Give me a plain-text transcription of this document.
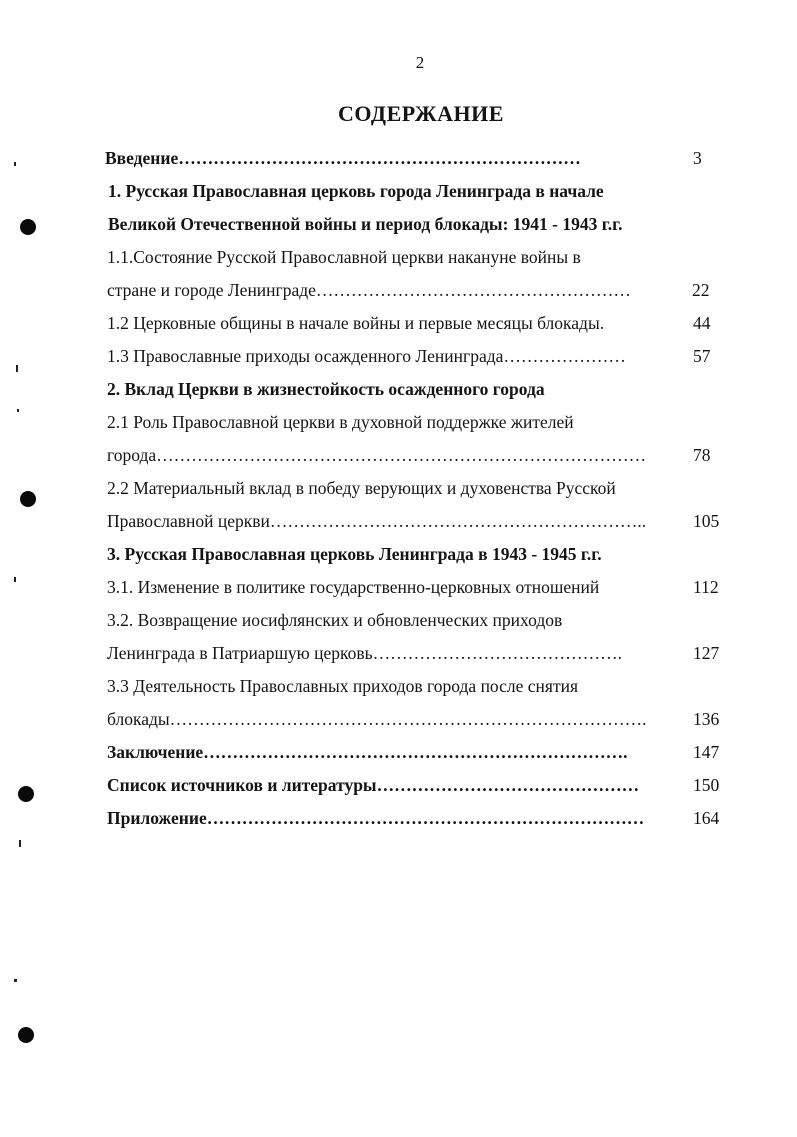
2
СОДЕРЖАНИЕ
Введение……………………………………………………………	3
1. Русская Православная церковь города Ленинграда в начале
Великой Отечественной войны и период блокады: 1941 - 1943 г.г.
1.1.Состояние Русской Православной церкви накануне войны в
стране и городе Ленинграде………………………………………………	22
1.2 Церковные общины в начале войны и первые месяцы блокады.	44
1.3 Православные приходы осажденного Ленинграда…………………	57
2. Вклад Церкви в жизнестойкость осажденного города
2.1 Роль Православной церкви в духовной поддержке жителей
города…………………………………………………………………………	78
2.2 Материальный вклад в победу верующих и духовенства Русской
Православной церкви………………………………………………………..	105
3. Русская Православная церковь Ленинграда в 1943 - 1945 г.г.
3.1. Изменение в политике государственно-церковных отношений	112
3.2. Возвращение иосифлянских и обновленческих приходов
Ленинграда в Патриаршую церковь…………………………………….	127
3.3 Деятельность Православных приходов города после снятия
блокады……………………………………………………………………….	136
Заключение……………………………………………………………….	147
Список источников и литературы………………………………………	150
Приложение…………………………………………………………………	164
